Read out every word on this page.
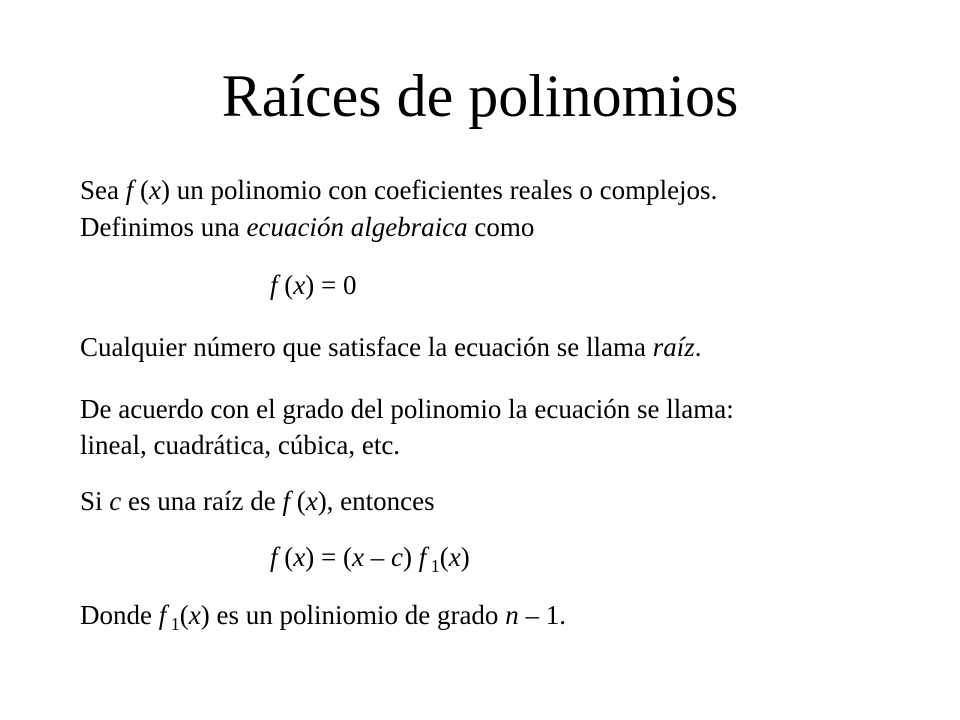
Raíces de polinomios
Sea f (x) un polinomio con coeficientes reales o complejos.
Definimos una ecuación algebraica como
f (x) = 0
Cualquier número que satisface la ecuación se llama raíz.
De acuerdo con el grado del polinomio la ecuación se llama:
lineal, cuadrática, cúbica, etc.
Si c es una raíz de f (x), entonces
f (x) = (x – c) f $_1$(x)
Donde f $_1$(x) es un poliniomio de grado n – 1.
